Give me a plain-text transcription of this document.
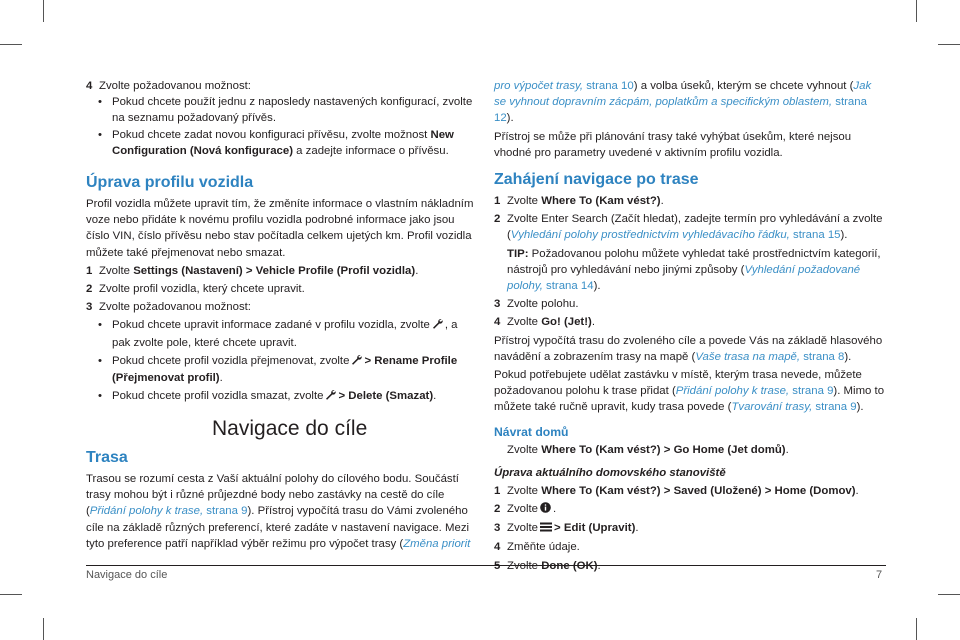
4 Zvolte požadovanou možnost:

• Pokud chcete použít jednu z naposledy nastavených konfigurací, zvolte na seznamu požadovaný přívěs.

• Pokud chcete zadat novou konfiguraci přívěsu, zvolte možnost New Configuration (Nová konfigurace) a zadejte informace o přívěsu.

Úprava profilu vozidla

Profil vozidla můžete upravit tím, že změníte informace o vlastním nákladním voze nebo přidáte k novému profilu vozidla podrobné informace jako jsou číslo VIN, číslo přívěsu nebo stav počítadla celkem ujetých km. Profil vozidla můžete také přejmenovat nebo smazat.

1 Zvolte Settings (Nastavení) > Vehicle Profile (Profil vozidla).

2 Zvolte profil vozidla, který chcete upravit.

3 Zvolte požadovanou možnost:

• Pokud chcete upravit informace zadané v profilu vozidla, zvolte , a pak zvolte pole, které chcete upravit.

• Pokud chcete profil vozidla přejmenovat, zvolte > Rename Profile (Přejmenovat profil).

• Pokud chcete profil vozidla smazat, zvolte > Delete (Smazat).

Navigace do cíle
Trasa

Trasou se rozumí cesta z Vaší aktuální polohy do cílového bodu. Součástí trasy mohou být i různé průjezdné body nebo zastávky na cestě do cíle (Přidání polohy k trase, strana 9). Přístroj vypočítá trasu do Vámi zvoleného cíle na základě různých preferencí, které zadáte v nastavení navigace. Mezi tyto preference patří například výběr režimu pro výpočet trasy (Změna priorit

pro výpočet trasy, strana 10) a volba úseků, kterým se chcete vyhnout (Jak se vyhnout dopravním zácpám, poplatkům a specifickým oblastem, strana 12).

Přístroj se může při plánování trasy také vyhýbat úsekům, které nejsou vhodné pro parametry uvedené v aktivním profilu vozidla.

Zahájení navigace po trase

1 Zvolte Where To (Kam vést?).

2 Zvolte Enter Search (Začít hledat), zadejte termín pro vyhledávání a zvolte (Vyhledání polohy prostřednictvím vyhledávacího řádku, strana 15).

TIP: Požadovanou polohu můžete vyhledat také prostřednictvím kategorií, nástrojů pro vyhledávání nebo jinými způsoby (Vyhledání požadované polohy, strana 14).

3 Zvolte polohu.

4 Zvolte Go! (Jet!).

Přístroj vypočítá trasu do zvoleného cíle a povede Vás na základě hlasového navádění a zobrazením trasy na mapě (Vaše trasa na mapě, strana 8).

Pokud potřebujete udělat zastávku v místě, kterým trasa nevede, můžete požadovanou polohu k trase přidat (Přidání polohy k trase, strana 9). Mimo to můžete také ručně upravit, kudy trasa povede (Tvarování trasy, strana 9).

Návrat domů

Zvolte Where To (Kam vést?) > Go Home (Jet domů).

Úprava aktuálního domovského stanoviště

1 Zvolte Where To (Kam vést?) > Saved (Uložené) > Home (Domov).

2 Zvolte .

3 Zvolte > Edit (Upravit).

4 Změňte údaje.

Navigace do cíle	7
